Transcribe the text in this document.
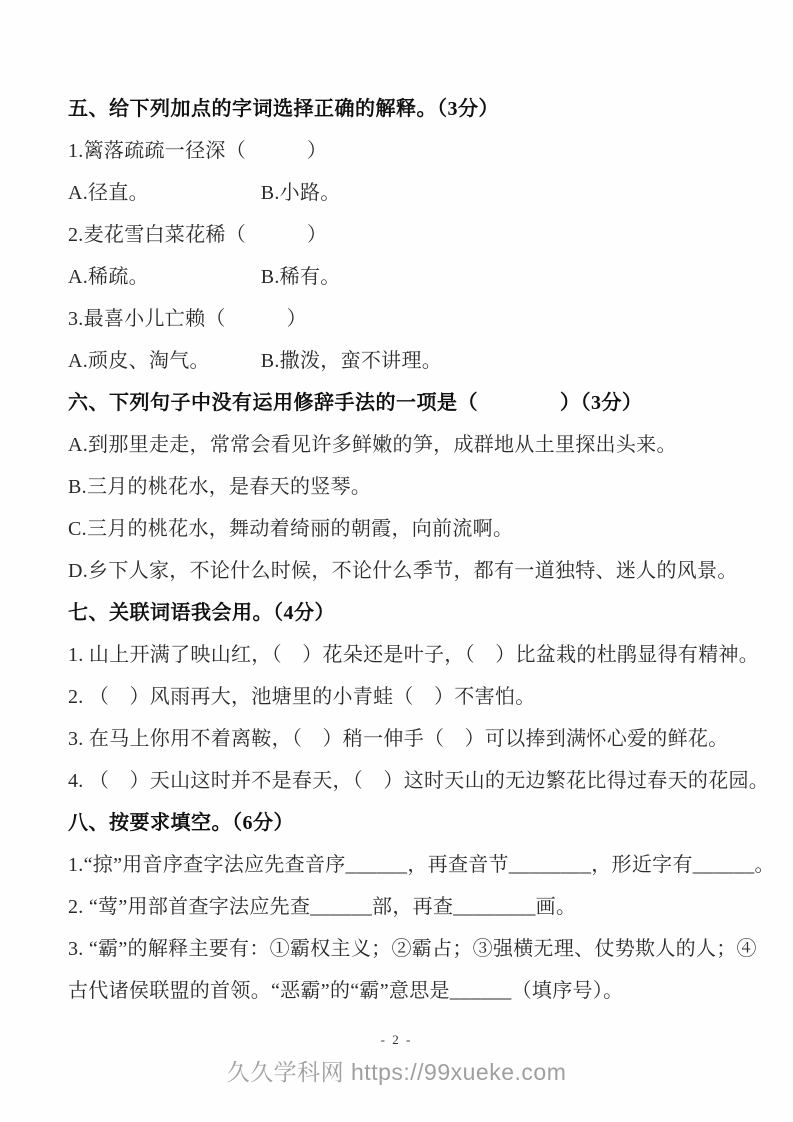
五、给下列加点的字词选择正确的解释。（3分）

1.篱落疏疏一径深（　　　）

A.径直。　　　　　　B.小路。

2.麦花雪白菜花稀（　　　）

A.稀疏。　　　　　　B.稀有。

3.最喜小儿亡赖（　　　）

A.顽皮、淘气。　　　B.撒泼，蛮不讲理。

六、下列句子中没有运用修辞手法的一项是（　　　　）（3分）

A.到那里走走，常常会看见许多鲜嫩的笋，成群地从土里探出头来。

B.三月的桃花水，是春天的竖琴。

C.三月的桃花水，舞动着绮丽的朝霞，向前流啊。

D.乡下人家，不论什么时候，不论什么季节，都有一道独特、迷人的风景。

七、关联词语我会用。（4分）

1. 山上开满了映山红，（　）花朵还是叶子，（　）比盆栽的杜鹃显得有精神。

2. （　）风雨再大，池塘里的小青蛙（　）不害怕。

3. 在马上你用不着离鞍，（　）稍一伸手（　）可以捧到满怀心爱的鲜花。

4. （　）天山这时并不是春天，（　）这时天山的无边繁花比得过春天的花园。

八、按要求填空。（6分）

1.“掠”用音序查字法应先查音序______，再查音节________，形近字有______。

2. “莺”用部首查字法应先查______部，再查________画。

3. “霸”的解释主要有：①霸权主义；②霸占；③强横无理、仗势欺人的人；④

古代诸侯联盟的首领。“恶霸”的“霸”意思是______（填序号）。

- 2 -
久久学科网 https://99xueke.com
